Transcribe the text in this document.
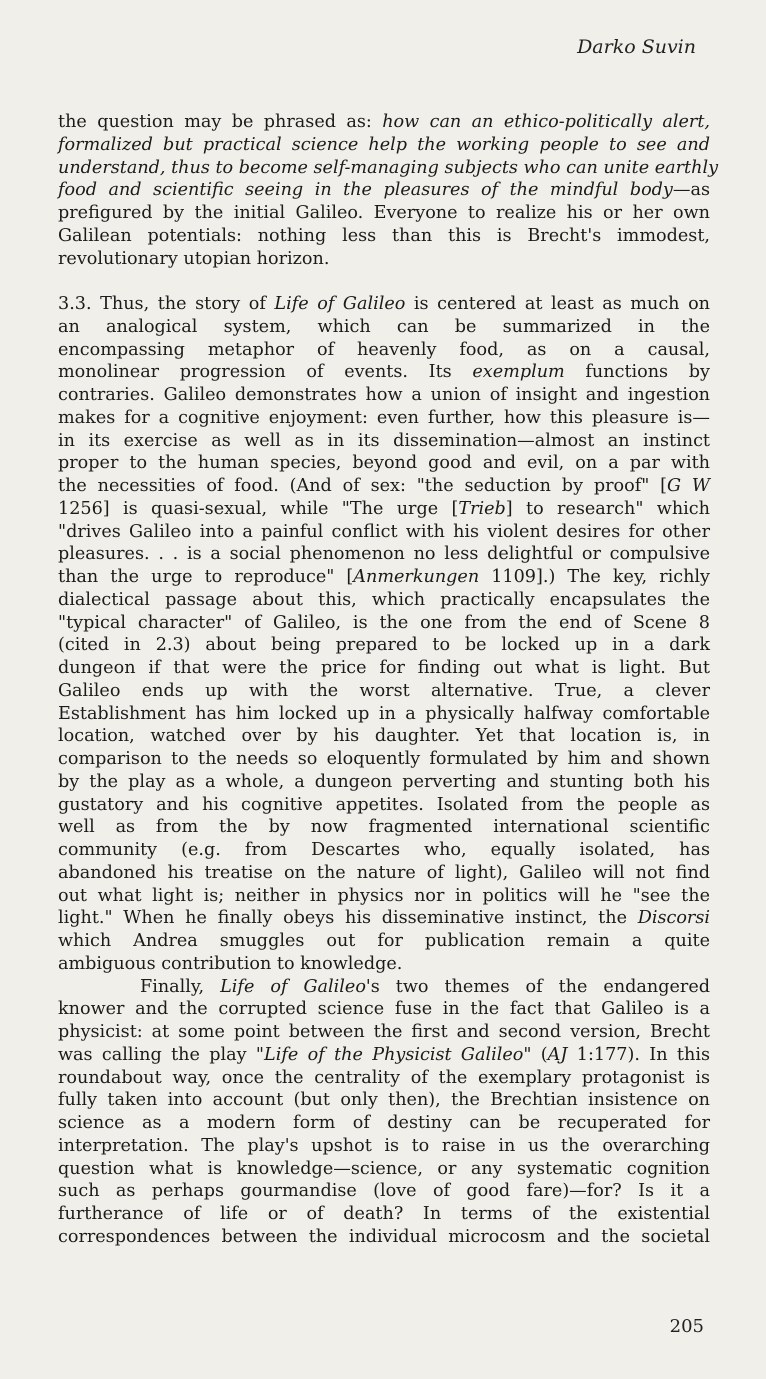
Darko Suvin
the question may be phrased as: how can an ethico-politically alert,
formalized but practical science help the working people to see and
understand, thus to become self-managing subjects who can unite earthly
food and scientific seeing in the pleasures of the mindful body—as
prefigured by the initial Galileo. Everyone to realize his or her own
Galilean potentials: nothing less than this is Brecht's immodest,
revolutionary utopian horizon.
3.3. Thus, the story of Life of Galileo is centered at least as much on
an analogical system, which can be summarized in the
encompassing metaphor of heavenly food, as on a causal,
monolinear progression of events. Its exemplum functions by
contraries. Galileo demonstrates how a union of insight and ingestion
makes for a cognitive enjoyment: even further, how this pleasure is—
in its exercise as well as in its dissemination—almost an instinct
proper to the human species, beyond good and evil, on a par with
the necessities of food. (And of sex: "the seduction by proof" [G W
1256] is quasi-sexual, while "The urge [Trieb] to research" which
"drives Galileo into a painful conflict with his violent desires for other
pleasures. . . is a social phenomenon no less delightful or compulsive
than the urge to reproduce" [Anmerkungen 1109].) The key, richly
dialectical passage about this, which practically encapsulates the
"typical character" of Galileo, is the one from the end of Scene 8
(cited in 2.3) about being prepared to be locked up in a dark
dungeon if that were the price for finding out what is light. But
Galileo ends up with the worst alternative. True, a clever
Establishment has him locked up in a physically halfway comfortable
location, watched over by his daughter. Yet that location is, in
comparison to the needs so eloquently formulated by him and shown
by the play as a whole, a dungeon perverting and stunting both his
gustatory and his cognitive appetites. Isolated from the people as
well as from the by now fragmented international scientific
community (e.g. from Descartes who, equally isolated, has
abandoned his treatise on the nature of light), Galileo will not find
out what light is; neither in physics nor in politics will he "see the
light." When he finally obeys his disseminative instinct, the Discorsi
which Andrea smuggles out for publication remain a quite
ambiguous contribution to knowledge.
Finally, Life of Galileo's two themes of the endangered
knower and the corrupted science fuse in the fact that Galileo is a
physicist: at some point between the first and second version, Brecht
was calling the play "Life of the Physicist Galileo" (AJ 1:177). In this
roundabout way, once the centrality of the exemplary protagonist is
fully taken into account (but only then), the Brechtian insistence on
science as a modern form of destiny can be recuperated for
interpretation. The play's upshot is to raise in us the overarching
question what is knowledge—science, or any systematic cognition
such as perhaps gourmandise (love of good fare)—for? Is it a
furtherance of life or of death? In terms of the existential
correspondences between the individual microcosm and the societal
205
